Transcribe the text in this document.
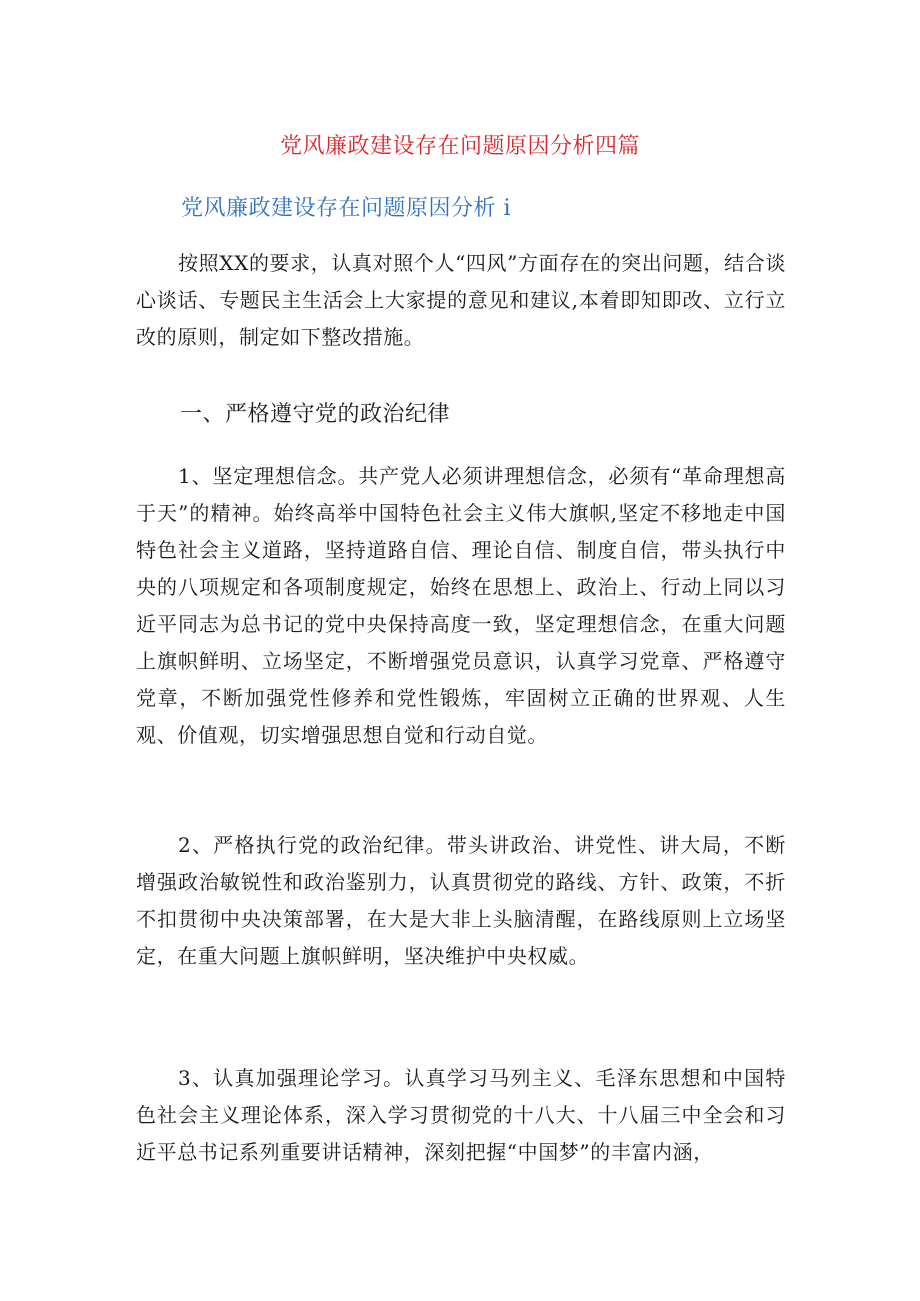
党风廉政建设存在问题原因分析四篇
党风廉政建设存在问题原因分析 i
按照XX的要求，认真对照个人“四风”方面存在的突出问题，结合谈心谈话、专题民主生活会上大家提的意见和建议,本着即知即改、立行立改的原则，制定如下整改措施。
一、严格遵守党的政治纪律
1、坚定理想信念。共产党人必须讲理想信念，必须有“革命理想高于天”的精神。始终高举中国特色社会主义伟大旗帜,坚定不移地走中国特色社会主义道路，坚持道路自信、理论自信、制度自信，带头执行中央的八项规定和各项制度规定，始终在思想上、政治上、行动上同以习近平同志为总书记的党中央保持高度一致，坚定理想信念，在重大问题上旗帜鲜明、立场坚定，不断增强党员意识，认真学习党章、严格遵守党章，不断加强党性修养和党性锻炼，牢固树立正确的世界观、人生观、价值观，切实增强思想自觉和行动自觉。
2、严格执行党的政治纪律。带头讲政治、讲党性、讲大局，不断增强政治敏锐性和政治鉴别力，认真贯彻党的路线、方针、政策，不折不扣贯彻中央决策部署，在大是大非上头脑清醒，在路线原则上立场坚定，在重大问题上旗帜鲜明，坚决维护中央权威。
3、认真加强理论学习。认真学习马列主义、毛泽东思想和中国特色社会主义理论体系，深入学习贯彻党的十八大、十八届三中全会和习近平总书记系列重要讲话精神，深刻把握“中国梦”的丰富内涵，
